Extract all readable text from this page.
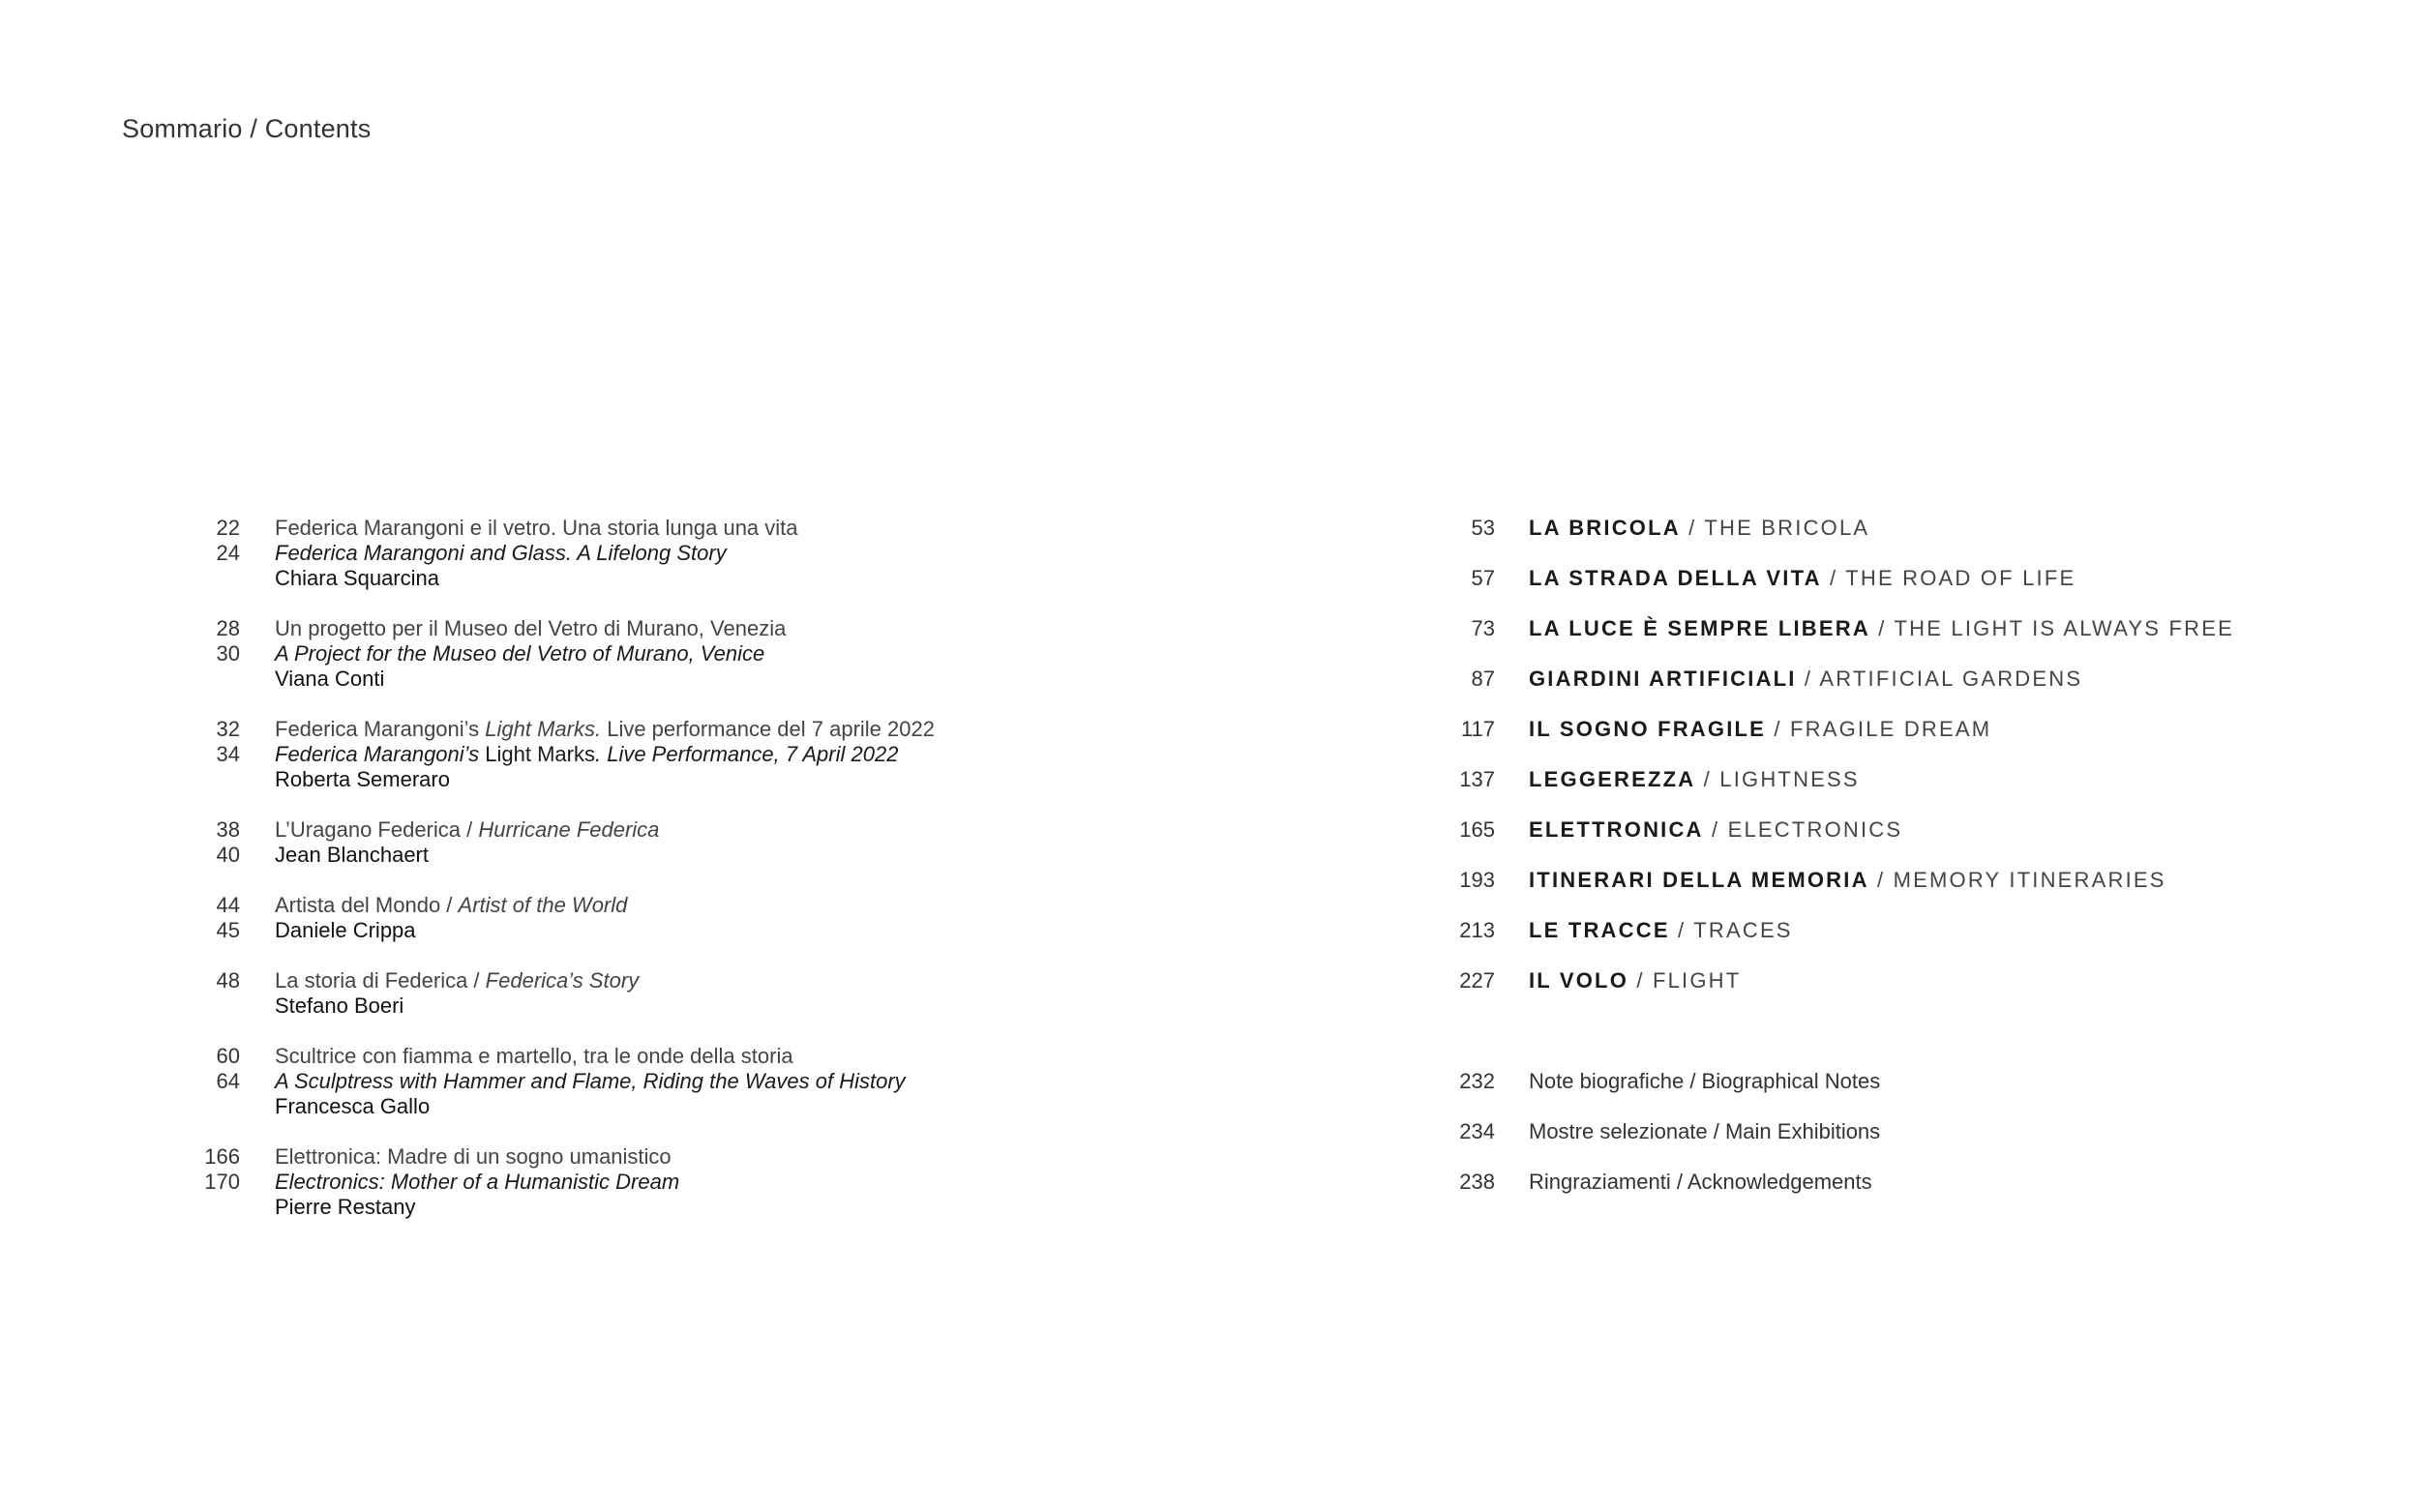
Sommario / Contents
22 Federica Marangoni e il vetro. Una storia lunga una vita
24 Federica Marangoni and Glass. A Lifelong Story
Chiara Squarcina
28 Un progetto per il Museo del Vetro di Murano, Venezia
30 A Project for the Museo del Vetro of Murano, Venice
Viana Conti
32 Federica Marangoni’s Light Marks. Live performance del 7 aprile 2022
34 Federica Marangoni’s Light Marks. Live Performance, 7 April 2022
Roberta Semeraro
38 L’Uragano Federica / Hurricane Federica
40 Jean Blanchaert
44 Artista del Mondo / Artist of the World
45 Daniele Crippa
48 La storia di Federica / Federica’s Story
Stefano Boeri
60 Scultrice con fiamma e martello, tra le onde della storia
64 A Sculptress with Hammer and Flame, Riding the Waves of History
Francesca Gallo
166 Elettronica: Madre di un sogno umanistico
170 Electronics: Mother of a Humanistic Dream
Pierre Restany
53 LA BRICOLA / THE BRICOLA
57 LA STRADA DELLA VITA / THE ROAD OF LIFE
73 LA LUCE È SEMPRE LIBERA / THE LIGHT IS ALWAYS FREE
87 GIARDINI ARTIFICIALI / ARTIFICIAL GARDENS
117 IL SOGNO FRAGILE / FRAGILE DREAM
137 LEGGEREZZA / LIGHTNESS
165 ELETTRONICA / ELECTRONICS
193 ITINERARI DELLA MEMORIA / MEMORY ITINERARIES
213 LE TRACCE / TRACES
227 IL VOLO / FLIGHT
232 Note biografiche / Biographical Notes
234 Mostre selezionate / Main Exhibitions
238 Ringraziamenti / Acknowledgements
